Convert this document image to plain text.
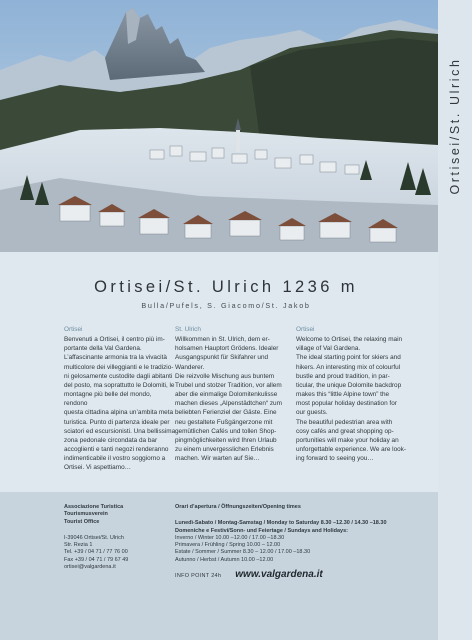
Ortisei/St. Ulrich
Ortisei/St. Ulrich 1236 m
Bulla/Pufels, S. Giacomo/St. Jakob
Ortisei
Benvenuti a Ortisei, il centro più im-
portante della Val Gardena.
L’affascinante armonia tra la vivacità
multicolore dei villeggianti e le tradizio-
ni gelosamente custodite dagli abitanti
del posto, ma soprattutto le Dolomiti, le
montagne più belle del mondo, rendono
questa cittadina alpina un’ambita meta
turistica. Punto di partenza ideale per
sciatori ed escursionisti. Una bellissima
zona pedonale circondata da bar
accoglienti e tanti negozi renderanno
indimenticabile il vostro soggiorno a
Ortisei. Vi aspettiamo…
St. Ulrich
Willkommen in St. Ulrich, dem er-
holsamen Hauptort Grödens. Idealer
Ausgangspunkt für Skifahrer und
Wanderer.
Die reizvolle Mischung aus buntem
Trubel und stolzer Tradition, vor allem
aber die einmalige Dolomitenkulisse
machen dieses „Alpenstädtchen“ zum
beliebten Ferienziel der Gäste. Eine
neu gestaltete Fußgängerzone mit
gemütlichen Cafés und tollen Shop-
pingmöglichkeiten wird Ihren Urlaub
zu einem unvergesslichen Erlebnis
machen. Wir warten auf Sie…
Ortisei
Welcome to Ortisei, the relaxing main
village of Val Gardena.
The ideal starting point for skiers and
hikers. An interesting mix of colourful
bustle and proud tradition, in par-
ticular, the unique Dolomite backdrop
makes this “little Alpine town” the
most popular holiday destination for
our guests.
The beautiful pedestrian area with
cosy cafés and great shopping op-
portunities will make your holiday an
unforgettable experience. We are look-
ing forward to seeing you…
Associazione Turistica
Tourismusverein
Tourist Office
I-39046 Ortisei/St. Ulrich
Str. Rezia 1
Tel. +39 / 04 71 / 77 76 00
Fax +39 / 04 71 / 79 67 49
ortisei@valgardena.it
Orari d’apertura / Öffnungszeiten/Opening times
Lunedì-Sabato / Montag-Samstag / Monday to Saturday 8.30 –12.30 / 14.30 –18.30
Domeniche e Festivi/Sonn- und Feiertage / Sundays and Holidays:
Inverno / Winter 10.00 –12.00 / 17.00 –18.30
Primavera / Frühling / Spring 10.00 – 12.00
Estate / Sommer / Summer 8.30 – 12.00 / 17.00 –18.30
Autunno / Herbst / Autumn 10.00 –12.00
INFO POINT 24h www.valgardena.it
